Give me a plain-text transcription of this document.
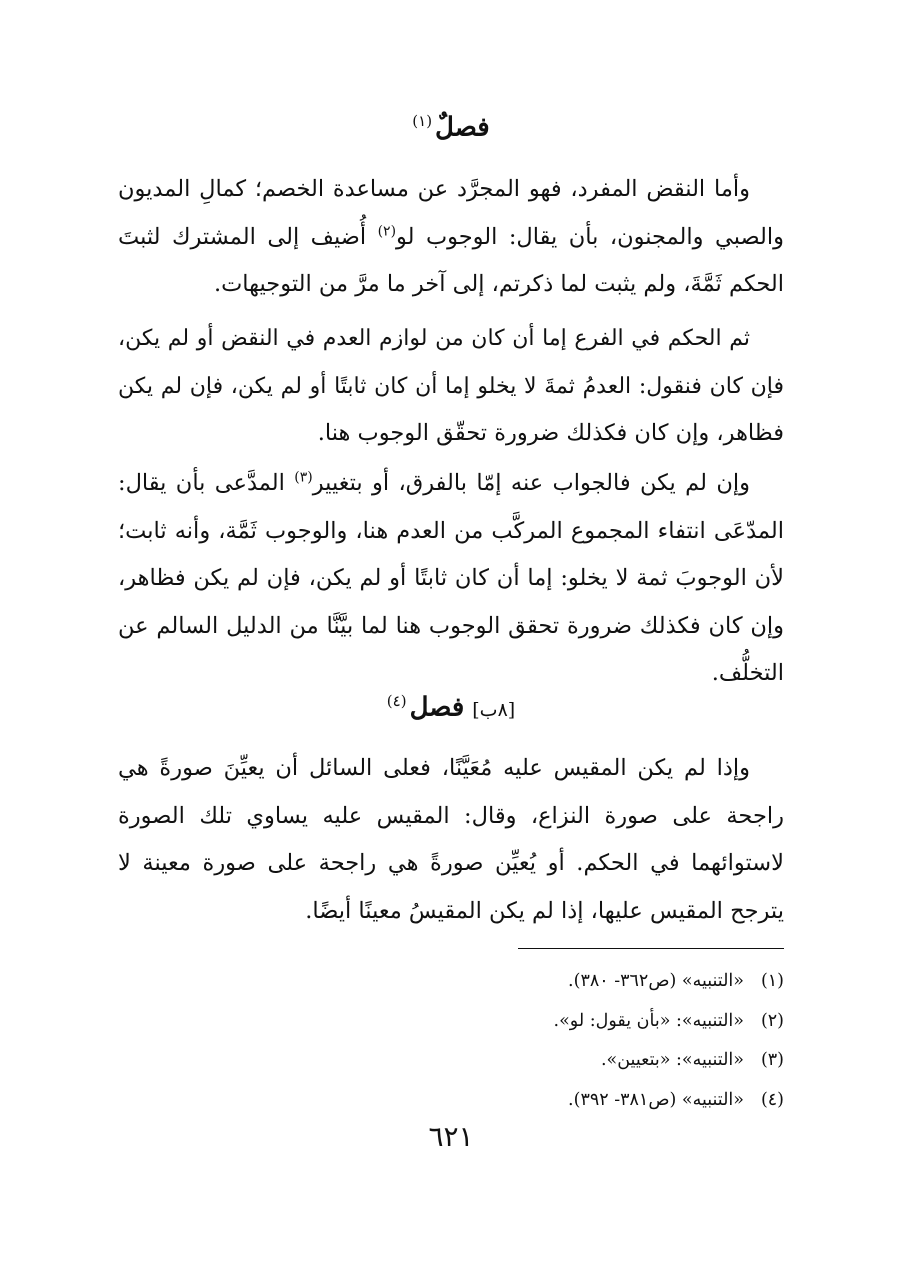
فصلٌ$^{(١)}$
وأما النقض المفرد، فهو المجرَّد عن مساعدة الخصم؛ كمالِ المديون
والصبي والمجنون، بأن يقال: الوجوب لو$^{(٢)}$ أُضيف إلى المشترك لثبتَ
الحكم ثَمَّةَ، ولم يثبت لما ذكرتم، إلى آخر ما مرَّ من التوجيهات.
ثم الحكم في الفرع إما أن كان من لوازم العدم في النقض أو لم يكن،
فإن كان فنقول: العدمُ ثمةَ لا يخلو إما أن كان ثابتًا أو لم يكن، فإن لم يكن
فظاهر، وإن كان فكذلك ضرورة تحقّق الوجوب هنا.
وإن لم يكن فالجواب عنه إمّا بالفرق، أو بتغيير$^{(٣)}$ المدَّعى بأن يقال:
المدّعَى انتفاء المجموع المركَّب من العدم هنا، والوجوب ثَمَّة، وأنه ثابت؛
لأن الوجوبَ ثمة لا يخلو: إما أن كان ثابتًا أو لم يكن، فإن لم يكن فظاهر،
وإن كان فكذلك ضرورة تحقق الوجوب هنا لما بيَّنَّا من الدليل السالم عن
التخلُّف.
[٨ب]فصل$^{(٤)}$
وإذا لم يكن المقيس عليه مُعَيَّنًا، فعلى السائل أن يعيِّنَ صورةً هي
راجحة على صورة النزاع، وقال: المقيس عليه يساوي تلك الصورة
لاستوائهما في الحكم. أو يُعيِّن صورةً هي راجحة على صورة معينة لا
يترجح المقيس عليها، إذا لم يكن المقيسُ معينًا أيضًا.
(١)«التنبيه» (ص٣٦٢- ٣٨٠).
(٢)«التنبيه»: «بأن يقول: لو».
(٣)«التنبيه»: «بتعيين».
(٤)«التنبيه» (ص٣٨١- ٣٩٢).
٦٢١
